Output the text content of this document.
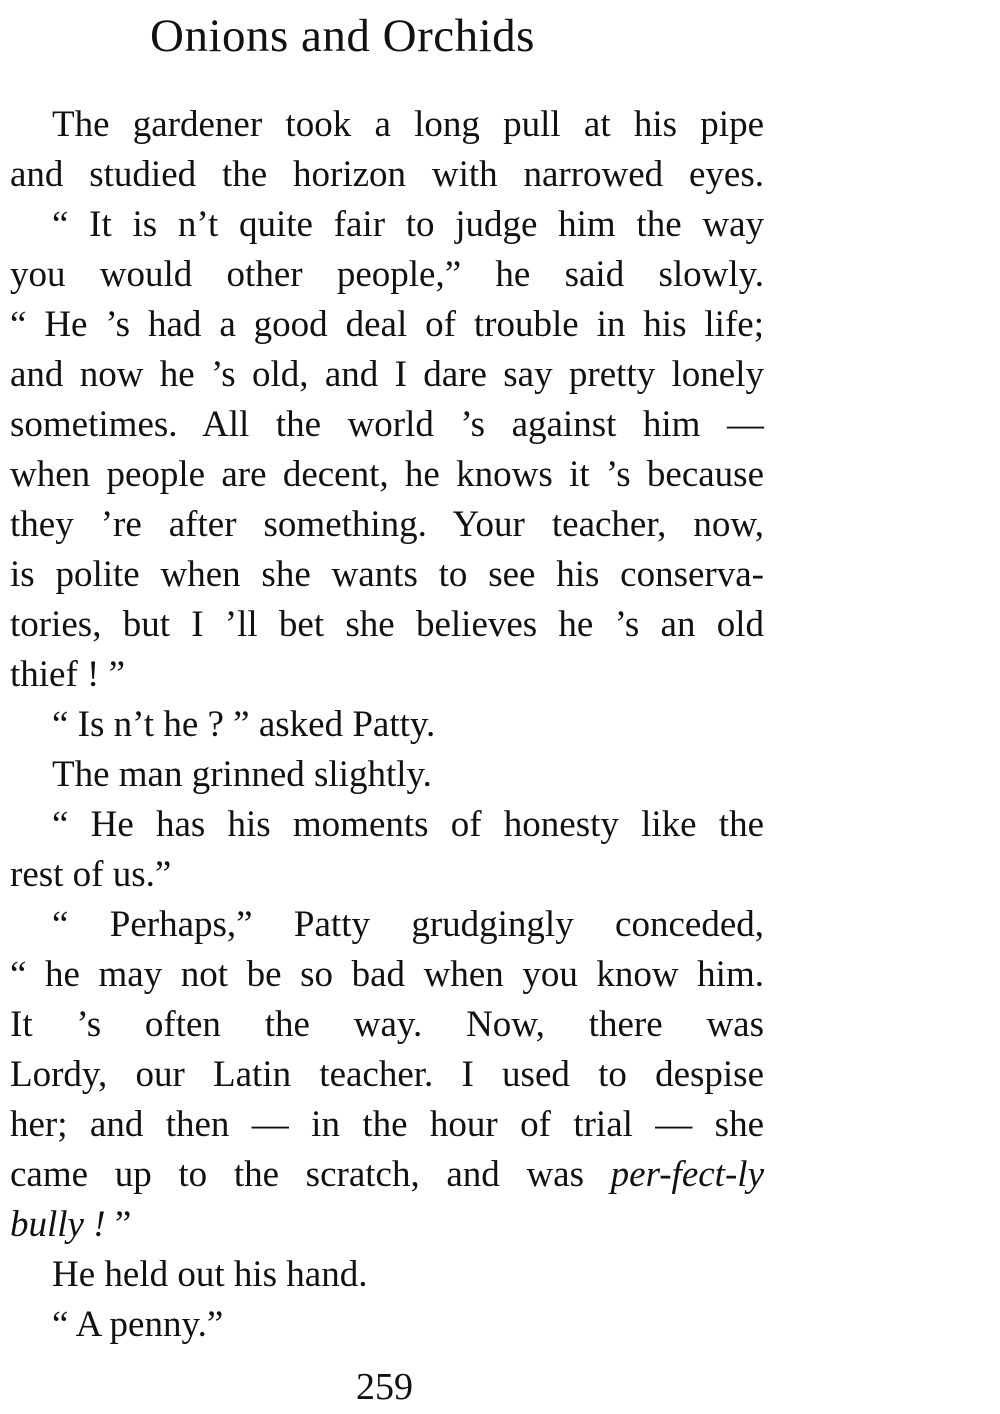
Onions and Orchids
The gardener took a long pull at his pipe
and studied the horizon with narrowed eyes.
“ It is n’t quite fair to judge him the way
you would other people,” he said slowly.
“ He ’s had a good deal of trouble in his life;
and now he ’s old, and I dare say pretty lonely
sometimes. All the world ’s against him —
when people are decent, he knows it ’s because
they ’re after something. Your teacher, now,
is polite when she wants to see his conserva-
tories, but I ’ll bet she believes he ’s an old
thief ! ”
“ Is n’t he ? ” asked Patty.
The man grinned slightly.
“ He has his moments of honesty like the
rest of us.”
“ Perhaps,” Patty grudgingly conceded,
“ he may not be so bad when you know him.
It ’s often the way. Now, there was
Lordy, our Latin teacher. I used to despise
her; and then — in the hour of trial — she
came up to the scratch, and was per-fect-ly
bully ! ”
He held out his hand.
“ A penny.”
259
